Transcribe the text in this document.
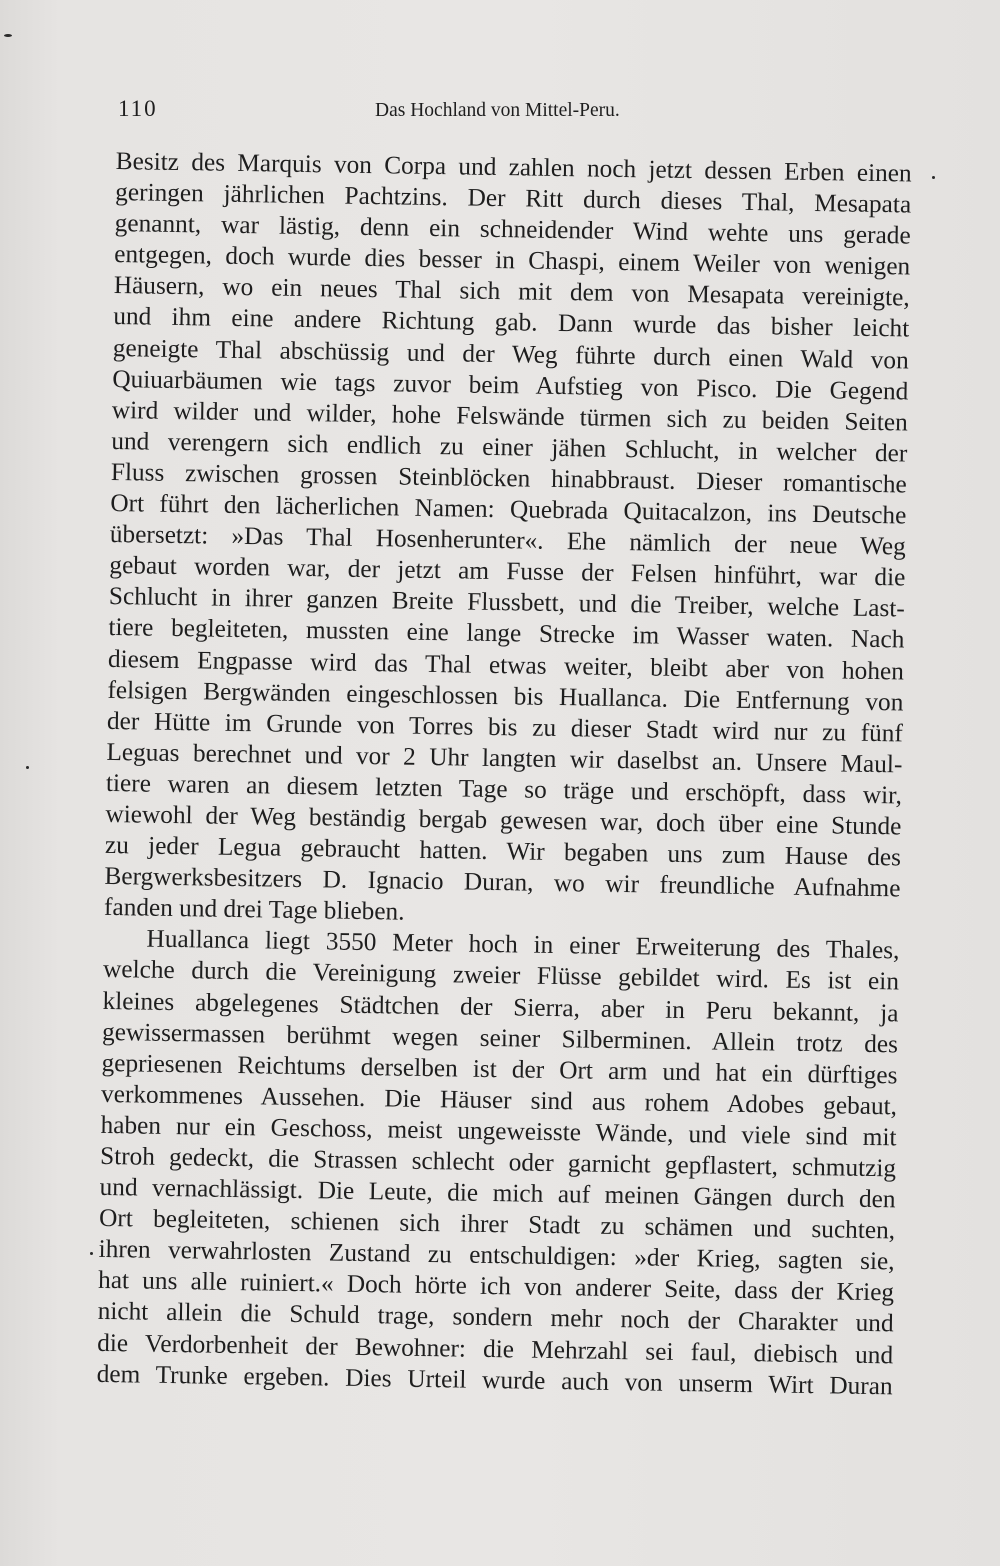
110	Das Hochland von Mittel-Peru.
Besitz des Marquis von Corpa und zahlen noch jetzt dessen Erben einen
geringen jährlichen Pachtzins. Der Ritt durch dieses Thal, Mesapata
genannt, war lästig, denn ein schneidender Wind wehte uns gerade
entgegen, doch wurde dies besser in Chaspi, einem Weiler von wenigen
Häusern, wo ein neues Thal sich mit dem von Mesapata vereinigte,
und ihm eine andere Richtung gab. Dann wurde das bisher leicht
geneigte Thal abschüssig und der Weg führte durch einen Wald von
Quiuarbäumen wie tags zuvor beim Aufstieg von Pisco. Die Gegend
wird wilder und wilder, hohe Felswände türmen sich zu beiden Seiten
und verengern sich endlich zu einer jähen Schlucht, in welcher der
Fluss zwischen grossen Steinblöcken hinabbraust. Dieser romantische
Ort führt den lächerlichen Namen: Quebrada Quitacalzon, ins Deutsche
übersetzt: »Das Thal Hosenherunter«. Ehe nämlich der neue Weg
gebaut worden war, der jetzt am Fusse der Felsen hinführt, war die
Schlucht in ihrer ganzen Breite Flussbett, und die Treiber, welche Last-
tiere begleiteten, mussten eine lange Strecke im Wasser waten. Nach
diesem Engpasse wird das Thal etwas weiter, bleibt aber von hohen
felsigen Bergwänden eingeschlossen bis Huallanca. Die Entfernung von
der Hütte im Grunde von Torres bis zu dieser Stadt wird nur zu fünf
Leguas berechnet und vor 2 Uhr langten wir daselbst an. Unsere Maul-
tiere waren an diesem letzten Tage so träge und erschöpft, dass wir,
wiewohl der Weg beständig bergab gewesen war, doch über eine Stunde
zu jeder Legua gebraucht hatten. Wir begaben uns zum Hause des
Bergwerksbesitzers D. Ignacio Duran, wo wir freundliche Aufnahme
fanden und drei Tage blieben.
Huallanca liegt 3550 Meter hoch in einer Erweiterung des Thales,
welche durch die Vereinigung zweier Flüsse gebildet wird. Es ist ein
kleines abgelegenes Städtchen der Sierra, aber in Peru bekannt, ja
gewissermassen berühmt wegen seiner Silberminen. Allein trotz des
gepriesenen Reichtums derselben ist der Ort arm und hat ein dürftiges
verkommenes Aussehen. Die Häuser sind aus rohem Adobes gebaut,
haben nur ein Geschoss, meist ungeweisste Wände, und viele sind mit
Stroh gedeckt, die Strassen schlecht oder garnicht gepflastert, schmutzig
und vernachlässigt. Die Leute, die mich auf meinen Gängen durch den
Ort begleiteten, schienen sich ihrer Stadt zu schämen und suchten,
ihren verwahrlosten Zustand zu entschuldigen: »der Krieg, sagten sie,
hat uns alle ruiniert.« Doch hörte ich von anderer Seite, dass der Krieg
nicht allein die Schuld trage, sondern mehr noch der Charakter und
die Verdorbenheit der Bewohner: die Mehrzahl sei faul, diebisch und
dem Trunke ergeben. Dies Urteil wurde auch von unserm Wirt Duran
